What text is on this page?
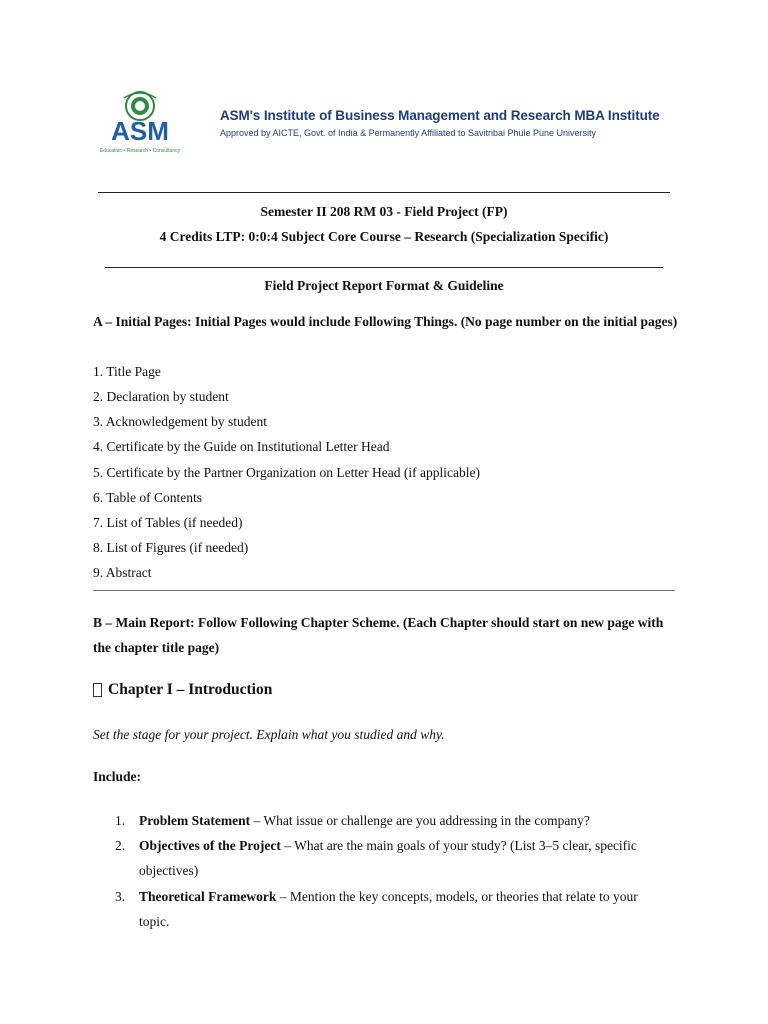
ASM
Education • Research • Consultancy
ASM's Institute of Business Management and Research MBA Institute
Approved by AICTE, Govt. of India & Permanently Affiliated to Savitribai Phule Pune University
Semester II 208 RM 03 - Field Project (FP)
4 Credits LTP: 0:0:4 Subject Core Course – Research (Specialization Specific)
Field Project Report Format & Guideline
A – Initial Pages: Initial Pages would include Following Things. (No page number on the initial pages)
1. Title Page
2. Declaration by student
3. Acknowledgement by student
4. Certificate by the Guide on Institutional Letter Head
5. Certificate by the Partner Organization on Letter Head (if applicable)
6. Table of Contents
7. List of Tables (if needed)
8. List of Figures (if needed)
9. Abstract
B – Main Report: Follow Following Chapter Scheme. (Each Chapter should start on new page with the chapter title page)
Chapter I – Introduction
Set the stage for your project. Explain what you studied and why.
Include:
1. Problem Statement – What issue or challenge are you addressing in the company?
2. Objectives of the Project – What are the main goals of your study? (List 3–5 clear, specific objectives)
3. Theoretical Framework – Mention the key concepts, models, or theories that relate to your topic.
